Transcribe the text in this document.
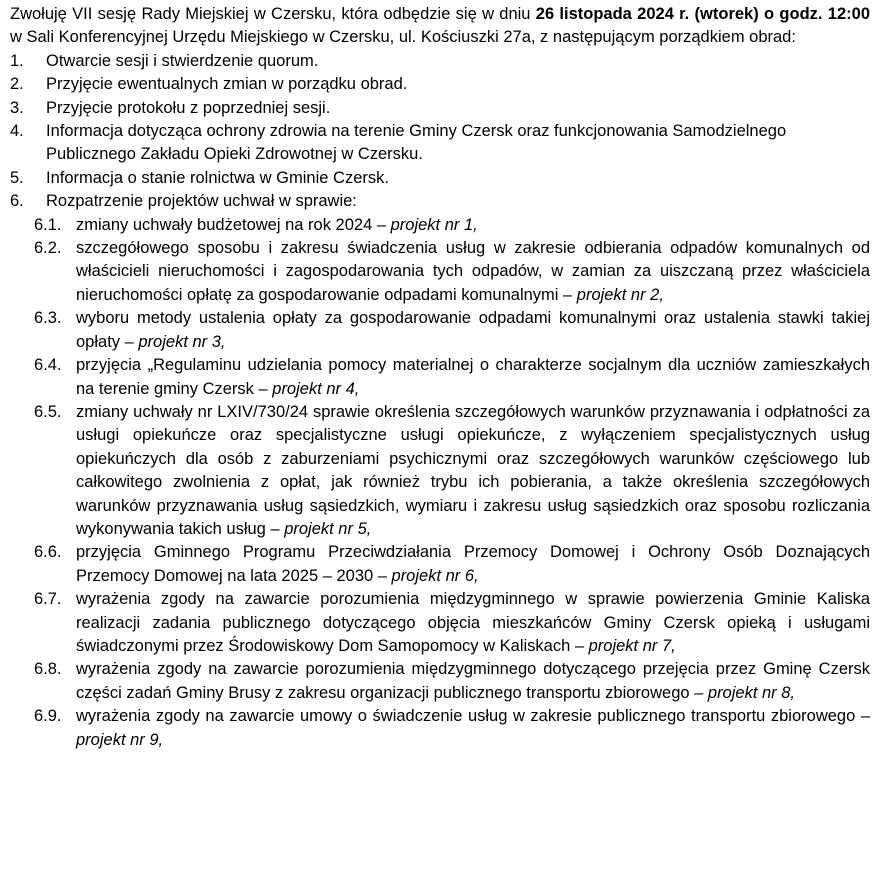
Zwołuję VII sesję Rady Miejskiej w Czersku, która odbędzie się w dniu 26 listopada 2024 r. (wtorek) o godz. 12:00 w Sali Konferencyjnej Urzędu Miejskiego w Czersku, ul. Kościuszki 27a, z następującym porządkiem obrad:

1. Otwarcie sesji i stwierdzenie quorum.
2. Przyjęcie ewentualnych zmian w porządku obrad.
3. Przyjęcie protokołu z poprzedniej sesji.
4. Informacja dotycząca ochrony zdrowia na terenie Gminy Czersk oraz funkcjonowania Samodzielnego Publicznego Zakładu Opieki Zdrowotnej w Czersku.
5. Informacja o stanie rolnictwa w Gminie Czersk.
6. Rozpatrzenie projektów uchwał w sprawie:
6.1. zmiany uchwały budżetowej na rok 2024 – projekt nr 1,
6.2. szczegółowego sposobu i zakresu świadczenia usług w zakresie odbierania odpadów komunalnych od właścicieli nieruchomości i zagospodarowania tych odpadów, w zamian za uiszczaną przez właściciela nieruchomości opłatę za gospodarowanie odpadami komunalnymi – projekt nr 2,
6.3. wyboru metody ustalenia opłaty za gospodarowanie odpadami komunalnymi oraz ustalenia stawki takiej opłaty – projekt nr 3,
6.4. przyjęcia „Regulaminu udzielania pomocy materialnej o charakterze socjalnym dla uczniów zamieszkałych na terenie gminy Czersk – projekt nr 4,
6.5. zmiany uchwały nr LXIV/730/24 sprawie określenia szczegółowych warunków przyznawania i odpłatności za usługi opiekuńcze oraz specjalistyczne usługi opiekuńcze, z wyłączeniem specjalistycznych usług opiekuńczych dla osób z zaburzeniami psychicznymi oraz szczegółowych warunków częściowego lub całkowitego zwolnienia z opłat, jak również trybu ich pobierania, a także określenia szczegółowych warunków przyznawania usług sąsiedzkich, wymiaru i zakresu usług sąsiedzkich oraz sposobu rozliczania wykonywania takich usług – projekt nr 5,
6.6. przyjęcia Gminnego Programu Przeciwdziałania Przemocy Domowej i Ochrony Osób Doznających Przemocy Domowej na lata 2025 – 2030 – projekt nr 6,
6.7. wyrażenia zgody na zawarcie porozumienia międzygminnego w sprawie powierzenia Gminie Kaliska realizacji zadania publicznego dotyczącego objęcia mieszkańców Gminy Czersk opieką i usługami świadczonymi przez Środowiskowy Dom Samopomocy w Kaliskach – projekt nr 7,
6.8. wyrażenia zgody na zawarcie porozumienia międzygminnego dotyczącego przejęcia przez Gminę Czersk części zadań Gminy Brusy z zakresu organizacji publicznego transportu zbiorowego – projekt nr 8,
6.9. wyrażenia zgody na zawarcie umowy o świadczenie usług w zakresie publicznego transportu zbiorowego – projekt nr 9,
